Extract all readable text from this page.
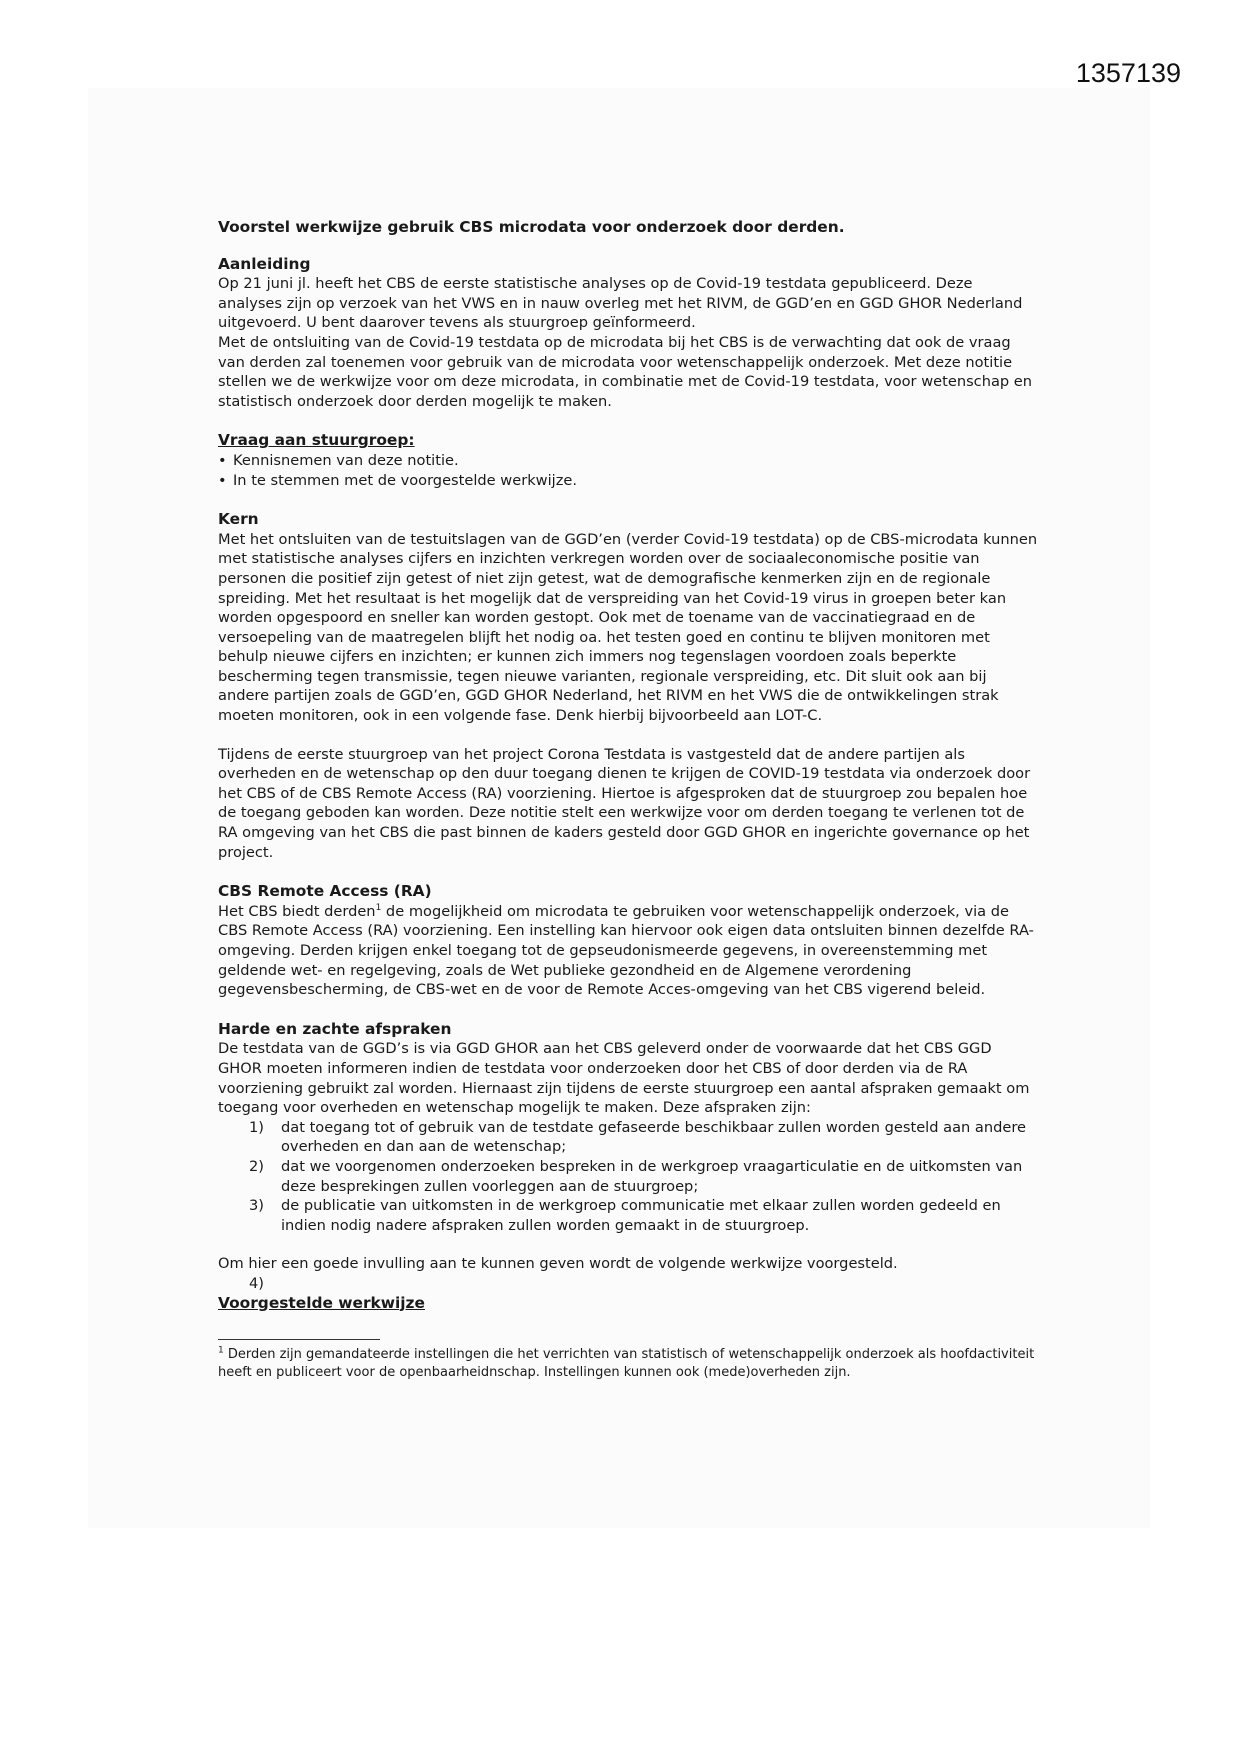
1357139

Voorstel werkwijze gebruik CBS microdata voor onderzoek door derden.

Aanleiding

Op 21 juni jl. heeft het CBS de eerste statistische analyses op de Covid-19 testdata gepubliceerd. Deze analyses zijn op verzoek van het VWS en in nauw overleg met het RIVM, de GGD’en en GGD GHOR Nederland uitgevoerd. U bent daarover tevens als stuurgroep geïnformeerd.

Met de ontsluiting van de Covid-19 testdata op de microdata bij het CBS is de verwachting dat ook de vraag van derden zal toenemen voor gebruik van de microdata voor wetenschappelijk onderzoek. Met deze notitie stellen we de werkwijze voor om deze microdata, in combinatie met de Covid-19 testdata, voor wetenschap en statistisch onderzoek door derden mogelijk te maken.

Vraag aan stuurgroep:
• Kennisnemen van deze notitie.
• In te stemmen met de voorgestelde werkwijze.
Kern

Met het ontsluiten van de testuitslagen van de GGD’en (verder Covid-19 testdata) op de CBS-microdata kunnen met statistische analyses cijfers en inzichten verkregen worden over de sociaaleconomische positie van personen die positief zijn getest of niet zijn getest, wat de demografische kenmerken zijn en de regionale spreiding. Met het resultaat is het mogelijk dat de verspreiding van het Covid-19 virus in groepen beter kan worden opgespoord en sneller kan worden gestopt. Ook met de toename van de vaccinatiegraad en de versoepeling van de maatregelen blijft het nodig oa. het testen goed en continu te blijven monitoren met behulp nieuwe cijfers en inzichten; er kunnen zich immers nog tegenslagen voordoen zoals beperkte bescherming tegen transmissie, tegen nieuwe varianten, regionale verspreiding, etc. Dit sluit ook aan bij andere partijen zoals de GGD’en, GGD GHOR Nederland, het RIVM en het VWS die de ontwikkelingen strak moeten monitoren, ook in een volgende fase. Denk hierbij bijvoorbeeld aan LOT-C.

Tijdens de eerste stuurgroep van het project Corona Testdata is vastgesteld dat de andere partijen als overheden en de wetenschap op den duur toegang dienen te krijgen de COVID-19 testdata via onderzoek door het CBS of de CBS Remote Access (RA) voorziening. Hiertoe is afgesproken dat de stuurgroep zou bepalen hoe de toegang geboden kan worden. Deze notitie stelt een werkwijze voor om derden toegang te verlenen tot de RA omgeving van het CBS die past binnen de kaders gesteld door GGD GHOR en ingerichte governance op het project.

CBS Remote Access (RA)

Het CBS biedt derden$^1$ de mogelijkheid om microdata te gebruiken voor wetenschappelijk onderzoek, via de CBS Remote Access (RA) voorziening. Een instelling kan hiervoor ook eigen data ontsluiten binnen dezelfde RA-omgeving. Derden krijgen enkel toegang tot de gepseudonismeerde gegevens, in overeenstemming met geldende wet- en regelgeving, zoals de Wet publieke gezondheid en de Algemene verordening gegevensbescherming, de CBS-wet en de voor de Remote Acces-omgeving van het CBS vigerend beleid.

Harde en zachte afspraken

De testdata van de GGD’s is via GGD GHOR aan het CBS geleverd onder de voorwaarde dat het CBS GGD GHOR moeten informeren indien de testdata voor onderzoeken door het CBS of door derden via de RA voorziening gebruikt zal worden. Hiernaast zijn tijdens de eerste stuurgroep een aantal afspraken gemaakt om toegang voor overheden en wetenschap mogelijk te maken. Deze afspraken zijn:

1) dat toegang tot of gebruik van de testdate gefaseerde beschikbaar zullen worden gesteld aan andere overheden en dan aan de wetenschap;
2) dat we voorgenomen onderzoeken bespreken in de werkgroep vraagarticulatie en de uitkomsten van deze besprekingen zullen voorleggen aan de stuurgroep;
3) de publicatie van uitkomsten in de werkgroep communicatie met elkaar zullen worden gedeeld en indien nodig nadere afspraken zullen worden gemaakt in de stuurgroep.

Om hier een goede invulling aan te kunnen geven wordt de volgende werkwijze voorgesteld.

4)

Voorgestelde werkwijze

$^1$ Derden zijn gemandateerde instellingen die het verrichten van statistisch of wetenschappelijk onderzoek als hoofdactiviteit heeft en publiceert voor de openbaarheidnschap. Instellingen kunnen ook (mede)overheden zijn.
